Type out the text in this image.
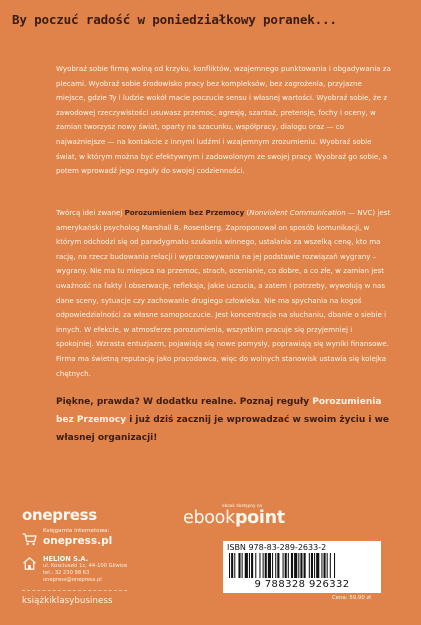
By poczuć radość w poniedziałkowy poranek...
Wyobraź sobie firmę wolną od krzyku, konfliktów, wzajemnego punktowania i obgadywania za plecami. Wyobraź sobie środowisko pracy bez kompleksów, bez zagrożenia, przyjazne miejsce, gdzie Ty i ludzie wokół macie poczucie sensu i własnej wartości. Wyobraź sobie, że z zawodowej rzeczywistości usuwasz przemoc, agresję, szantaż, pretensje, fochy i oceny, w zamian tworzysz nowy świat, oparty na szacunku, współpracy, dialogu oraz — co najważniejsze — na kontakcie z innymi ludźmi i wzajemnym zrozumieniu. Wyobraź sobie świat, w którym można być efektywnym i zadowolonym ze swojej pracy. Wyobraź go sobie, a potem wprowadź jego reguły do swojej codzienności.
Twórcą idei zwanej Porozumieniem bez Przemocy (Nonviolent Communication — NVC) jest amerykański psycholog Marshall B. Rosenberg. Zaproponował on sposób komunikacji, w którym odchodzi się od paradygmatu szukania winnego, ustalania za wszelką cenę, kto ma rację, na rzecz budowania relacji i wypracowywania na jej podstawie rozwiązań wygrany – wygrany. Nie ma tu miejsca na przemoc, strach, ocenianie, co dobre, a co złe, w zamian jest uważność na fakty i obserwacje, refleksja, jakie uczucia, a zatem i potrzeby, wywołują w nas dane sceny, sytuacje czy zachowanie drugiego człowieka. Nie ma spychania na kogoś odpowiedzialności za własne samopoczucie. Jest koncentracja na słuchaniu, dbanie o siebie i innych. W efekcie, w atmosferze porozumienia, wszystkim pracuje się przyjemniej i spokojniej. Wzrasta entuzjazm, pojawiają się nowe pomysły, poprawiają się wyniki finansowe. Firma ma świetną reputację jako pracodawca, więc do wolnych stanowisk ustawia się kolejka chętnych.
Piękne, prawda? W dodatku realne. Poznaj reguły Porozumienia bez Przemocy i już dziś zacznij je wprowadzać w swoim życiu i we własnej organizacji!
onepress
Księgarnia internetowa:
onepress.pl
HELION S.A.
ul. Kościuszki 1c, 44-100 Gliwice
tel.: 32 230 98 63
onepress@onepress.pl
książkiklasybusiness
ebook dostępny na
ebookpoint
ISBN 978-83-289-2633-2
9 788328 926332
Cena: 59,90 zł
